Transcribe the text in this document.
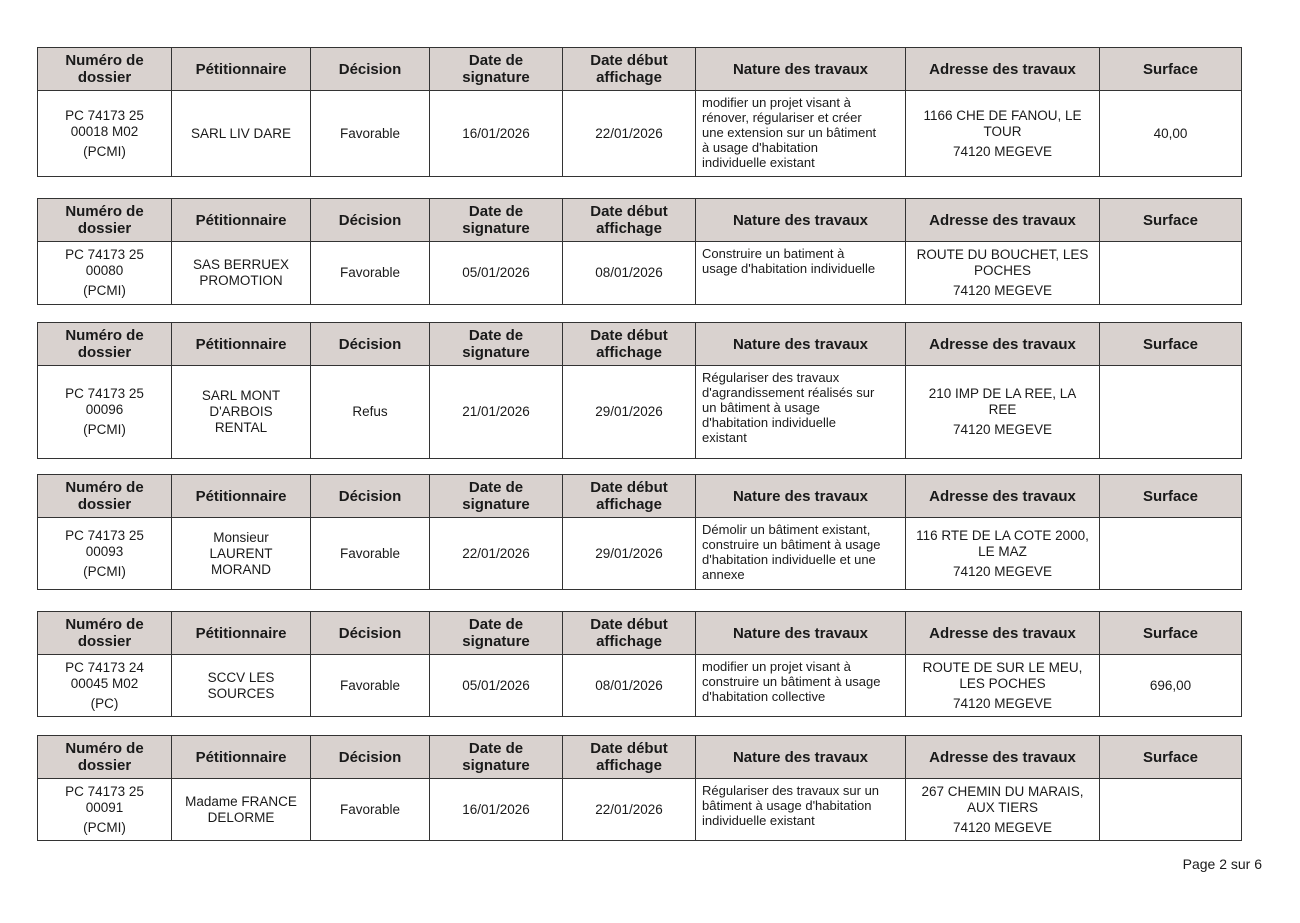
Numéro de
dossier	Pétitionnaire	Décision	Date de
signature	Date début
affichage	Nature des travaux	Adresse des travaux	Surface

PC 74173 25
00018 M02
(PCMI)	SARL LIV DARE	Favorable	16/01/2026	22/01/2026	modifier un projet visant à
rénover, régulariser et créer
une extension sur un bâtiment
à usage d'habitation
individuelle existant	1166 CHE DE FANOU, LE
TOUR
74120 MEGEVE	40,00
Numéro de
dossier	Pétitionnaire	Décision	Date de
signature	Date début
affichage	Nature des travaux	Adresse des travaux	Surface

PC 74173 25
00080
(PCMI)	SAS BERRUEX
PROMOTION	Favorable	05/01/2026	08/01/2026	Construire un batiment à
usage d'habitation individuelle	ROUTE DU BOUCHET, LES
POCHES
74120 MEGEVE	

Numéro de
dossier	Pétitionnaire	Décision	Date de
signature	Date début
affichage	Nature des travaux	Adresse des travaux	Surface

PC 74173 25
00096
(PCMI)	SARL MONT
D'ARBOIS
RENTAL	Refus	21/01/2026	29/01/2026	Régulariser des travaux
d'agrandissement réalisés sur
un bâtiment à usage
d'habitation individuelle
existant	210 IMP DE LA REE, LA
REE
74120 MEGEVE	

Numéro de
dossier	Pétitionnaire	Décision	Date de
signature	Date début
affichage	Nature des travaux	Adresse des travaux	Surface

PC 74173 25
00093
(PCMI)	Monsieur
LAURENT
MORAND	Favorable	22/01/2026	29/01/2026	Démolir un bâtiment existant,
construire un bâtiment à usage
d'habitation individuelle et une
annexe	116 RTE DE LA COTE 2000,
LE MAZ
74120 MEGEVE	

Numéro de
dossier	Pétitionnaire	Décision	Date de
signature	Date début
affichage	Nature des travaux	Adresse des travaux	Surface

PC 74173 24
00045 M02
(PC)	SCCV LES
SOURCES	Favorable	05/01/2026	08/01/2026	modifier un projet visant à
construire un bâtiment à usage
d'habitation collective	ROUTE DE SUR LE MEU,
LES POCHES
74120 MEGEVE	696,00
Numéro de
dossier	Pétitionnaire	Décision	Date de
signature	Date début
affichage	Nature des travaux	Adresse des travaux	Surface

PC 74173 25
00091
(PCMI)	Madame FRANCE
DELORME	Favorable	16/01/2026	22/01/2026	Régulariser des travaux sur un
bâtiment à usage d'habitation
individuelle existant	267 CHEMIN DU MARAIS,
AUX TIERS
74120 MEGEVE	

Page 2 sur 6
